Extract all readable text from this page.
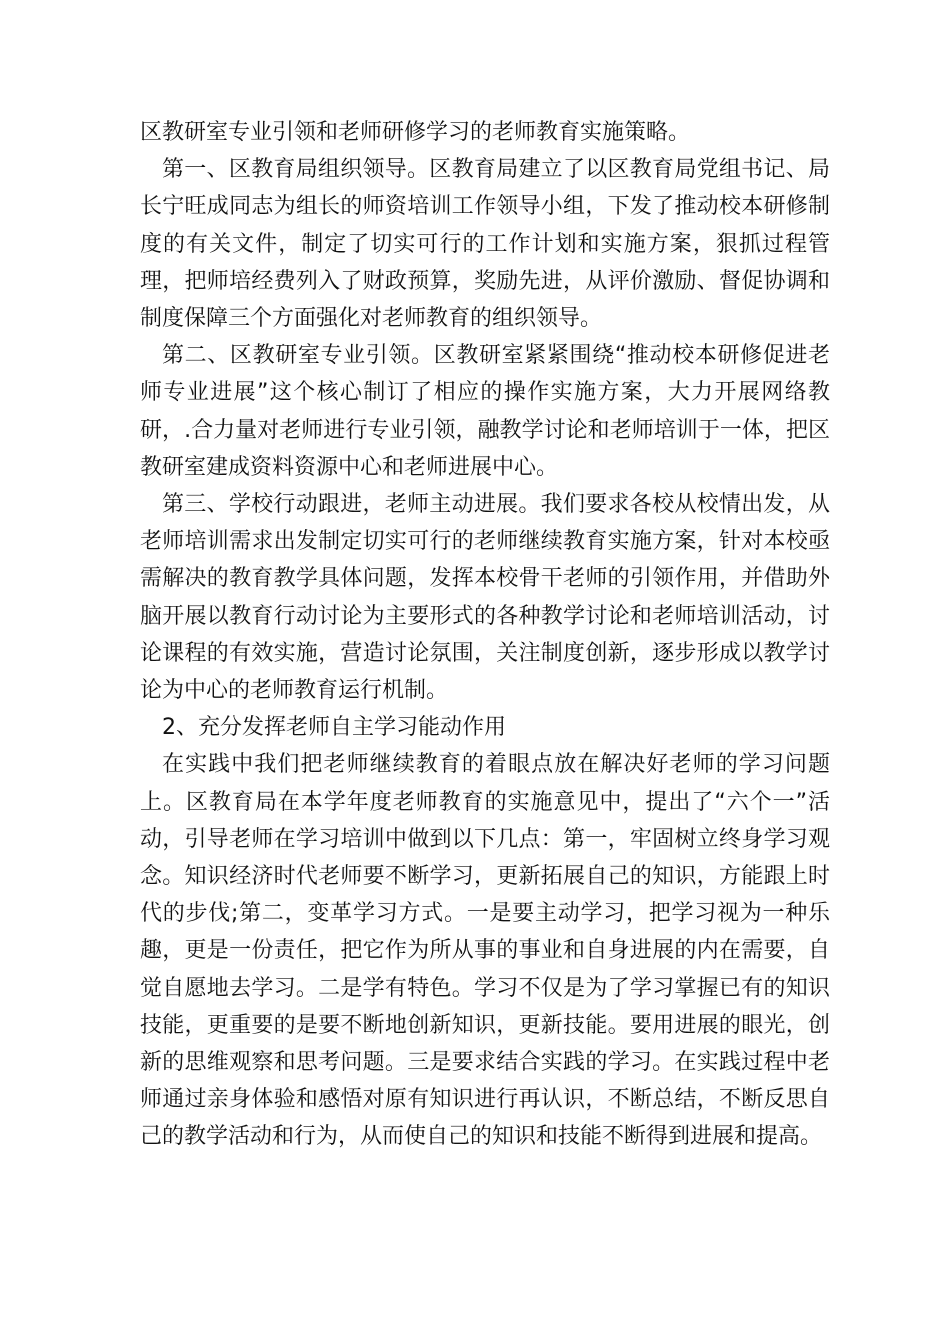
区教研室专业引领和老师研修学习的老师教育实施策略。

第一、区教育局组织领导。区教育局建立了以区教育局党组书记、局长宁旺成同志为组长的师资培训工作领导小组，下发了推动校本研修制度的有关文件，制定了切实可行的工作计划和实施方案，狠抓过程管理，把师培经费列入了财政预算，奖励先进，从评价激励、督促协调和制度保障三个方面强化对老师教育的组织领导。

第二、区教研室专业引领。区教研室紧紧围绕“推动校本研修促进老师专业进展”这个核心制订了相应的操作实施方案，大力开展网络教研，.合力量对老师进行专业引领，融教学讨论和老师培训于一体，把区教研室建成资料资源中心和老师进展中心。

第三、学校行动跟进，老师主动进展。我们要求各校从校情出发，从老师培训需求出发制定切实可行的老师继续教育实施方案，针对本校亟需解决的教育教学具体问题，发挥本校骨干老师的引领作用，并借助外脑开展以教育行动讨论为主要形式的各种教学讨论和老师培训活动，讨论课程的有效实施，营造讨论氛围，关注制度创新，逐步形成以教学讨论为中心的老师教育运行机制。

2、充分发挥老师自主学习能动作用

在实践中我们把老师继续教育的着眼点放在解决好老师的学习问题上。区教育局在本学年度老师教育的实施意见中，提出了“六个一”活动，引导老师在学习培训中做到以下几点：第一，牢固树立终身学习观念。知识经济时代老师要不断学习，更新拓展自己的知识，方能跟上时代的步伐;第二，变革学习方式。一是要主动学习，把学习视为一种乐趣，更是一份责任，把它作为所从事的事业和自身进展的内在需要，自觉自愿地去学习。二是学有特色。学习不仅是为了学习掌握已有的知识技能，更重要的是要不断地创新知识，更新技能。要用进展的眼光，创新的思维观察和思考问题。三是要求结合实践的学习。在实践过程中老师通过亲身体验和感悟对原有知识进行再认识，不断总结，不断反思自己的教学活动和行为，从而使自己的知识和技能不断得到进展和提高。
